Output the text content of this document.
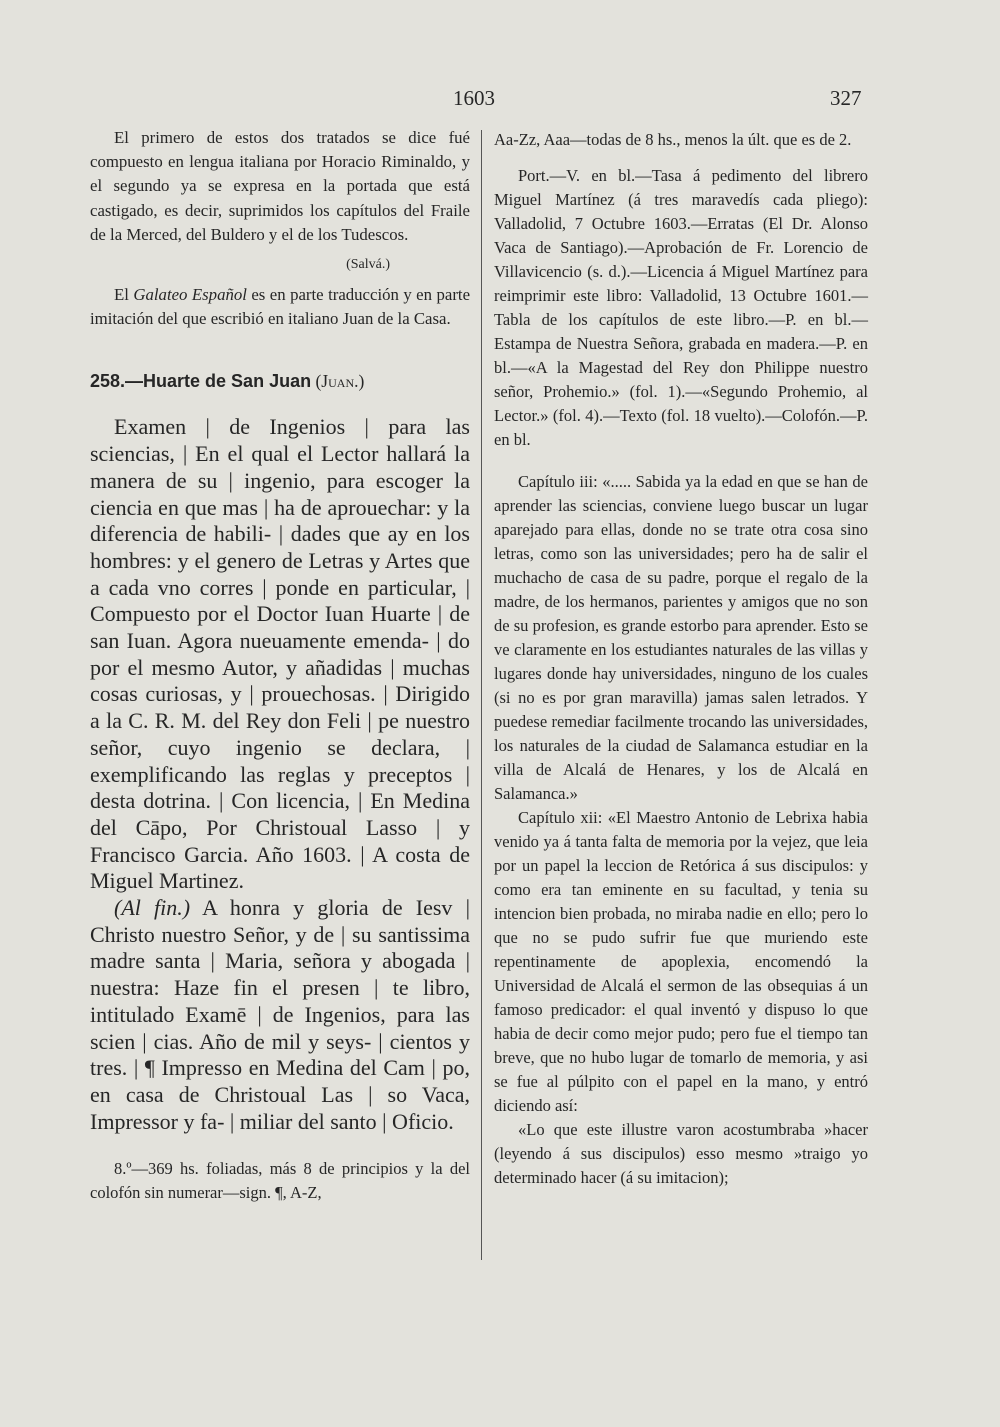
1603	327

El primero de estos dos tratados se dice fué compuesto en lengua italiana por Horacio Riminaldo, y el segundo ya se expresa en la portada que está castigado, es decir, suprimidos los capítulos del Fraile de la Merced, del Buldero y el de los Tudescos.

(Salvá.)

El Galateo Español es en parte traducción y en parte imitación del que escribió en italiano Juan de la Casa.

258.—Huarte de San Juan (Juan.)

Examen | de Ingenios | para las sciencias, | En el qual el Lector hallará la manera de su | ingenio, para escoger la ciencia en que mas | ha de aprouechar: y la diferencia de habili- | dades que ay en los hombres: y el genero de Letras y Artes que a cada vno corres | ponde en particular, | Compuesto por el Doctor Iuan Huarte | de san Iuan. Agora nueuamente emenda- | do por el mesmo Autor, y añadidas | muchas cosas curiosas, y | prouechosas. | Dirigido a la C. R. M. del Rey don Feli | pe nuestro señor, cuyo ingenio se declara, | exemplificando las reglas y preceptos | desta dotrina. | Con licencia, | En Medina del Cāpo, Por Christoual Lasso | y Francisco Garcia. Año 1603. | A costa de Miguel Martinez.

(Al fin.) A honra y gloria de Iesv | Christo nuestro Señor, y de | su santissima madre santa | Maria, señora y abogada | nuestra: Haze fin el presen | te libro, intitulado Examē | de Ingenios, para las scien | cias. Año de mil y seys- | cientos y tres. | ¶ Impresso en Medina del Cam | po, en casa de Christoual Las | so Vaca, Impressor y fa- | miliar del santo | Oficio.

8.º—369 hs. foliadas, más 8 de principios y la del colofón sin numerar—sign. ¶, A-Z,

Aa-Zz, Aaa—todas de 8 hs., menos la últ. que es de 2.

Port.—V. en bl.—Tasa á pedimento del librero Miguel Martínez (á tres maravedís cada pliego): Valladolid, 7 Octubre 1603.—Erratas (El Dr. Alonso Vaca de Santiago).—Aprobación de Fr. Lorencio de Villavicencio (s. d.).—Licencia á Miguel Martínez para reimprimir este libro: Valladolid, 13 Octubre 1601.—Tabla de los capítulos de este libro.—P. en bl.—Estampa de Nuestra Señora, grabada en madera.—P. en bl.—«A la Magestad del Rey don Philippe nuestro señor, Prohemio.» (fol. 1).—«Segundo Prohemio, al Lector.» (fol. 4).—Texto (fol. 18 vuelto).—Colofón.—P. en bl.

Capítulo iii: «..... Sabida ya la edad en que se han de aprender las sciencias, conviene luego buscar un lugar aparejado para ellas, donde no se trate otra cosa sino letras, como son las universidades; pero ha de salir el muchacho de casa de su padre, porque el regalo de la madre, de los hermanos, parientes y amigos que no son de su profesion, es grande estorbo para aprender. Esto se ve claramente en los estudiantes naturales de las villas y lugares donde hay universidades, ninguno de los cuales (si no es por gran maravilla) jamas salen letrados. Y puedese remediar facilmente trocando las universidades, los naturales de la ciudad de Salamanca estudiar en la villa de Alcalá de Henares, y los de Alcalá en Salamanca.»

Capítulo xii: «El Maestro Antonio de Lebrixa habia venido ya á tanta falta de memoria por la vejez, que leia por un papel la leccion de Retórica á sus discipulos: y como era tan eminente en su facultad, y tenia su intencion bien probada, no miraba nadie en ello; pero lo que no se pudo sufrir fue que muriendo este repentinamente de apoplexia, encomendó la Universidad de Alcalá el sermon de las obsequias á un famoso predicador: el qual inventó y dispuso lo que habia de decir como mejor pudo; pero fue el tiempo tan breve, que no hubo lugar de tomarlo de memoria, y asi se fue al púlpito con el papel en la mano, y entró diciendo así:

«Lo que este illustre varon acostumbraba »hacer (leyendo á sus discipulos) esso mesmo »traigo yo determinado hacer (á su imitacion);
